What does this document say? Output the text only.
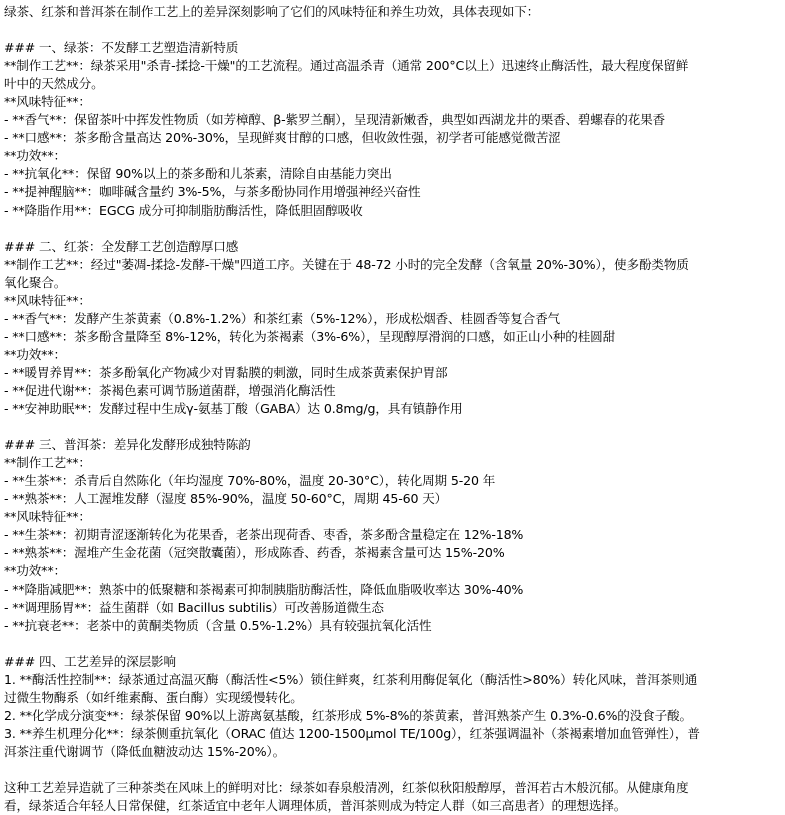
绿茶、红茶和普洱茶在制作工艺上的差异深刻影响了它们的风味特征和养生功效，具体表现如下：
### 一、绿茶：不发酵工艺塑造清新特质
**制作工艺**：绿茶采用"杀青-揉捻-干燥"的工艺流程。通过高温杀青（通常 200°C以上）迅速终止酶活性，最大程度保留鲜
叶中的天然成分。
**风味特征**：
- **香气**：保留茶叶中挥发性物质（如芳樟醇、β-紫罗兰酮），呈现清新嫩香，典型如西湖龙井的栗香、碧螺春的花果香
- **口感**：茶多酚含量高达 20%-30%，呈现鲜爽甘醇的口感，但收敛性强，初学者可能感觉微苦涩
**功效**：
- **抗氧化**：保留 90%以上的茶多酚和儿茶素，清除自由基能力突出
- **提神醒脑**：咖啡碱含量约 3%-5%，与茶多酚协同作用增强神经兴奋性
- **降脂作用**：EGCG 成分可抑制脂肪酶活性，降低胆固醇吸收
### 二、红茶：全发酵工艺创造醇厚口感
**制作工艺**：经过"萎凋-揉捻-发酵-干燥"四道工序。关键在于 48-72 小时的完全发酵（含氧量 20%-30%），使多酚类物质
氧化聚合。
**风味特征**：
- **香气**：发酵产生茶黄素（0.8%-1.2%）和茶红素（5%-12%），形成松烟香、桂圆香等复合香气
- **口感**：茶多酚含量降至 8%-12%，转化为茶褐素（3%-6%），呈现醇厚滑润的口感，如正山小种的桂圆甜
**功效**：
- **暖胃养胃**：茶多酚氧化产物减少对胃黏膜的刺激，同时生成茶黄素保护胃部
- **促进代谢**：茶褐色素可调节肠道菌群，增强消化酶活性
- **安神助眠**：发酵过程中生成γ-氨基丁酸（GABA）达 0.8mg/g，具有镇静作用
### 三、普洱茶：差异化发酵形成独特陈韵
**制作工艺**：
- **生茶**：杀青后自然陈化（年均湿度 70%-80%，温度 20-30°C），转化周期 5-20 年
- **熟茶**：人工渥堆发酵（湿度 85%-90%，温度 50-60°C，周期 45-60 天）
**风味特征**：
- **生茶**：初期青涩逐渐转化为花果香，老茶出现荷香、枣香，茶多酚含量稳定在 12%-18%
- **熟茶**：渥堆产生金花菌（冠突散囊菌），形成陈香、药香，茶褐素含量可达 15%-20%
**功效**：
- **降脂减肥**：熟茶中的低聚糖和茶褐素可抑制胰脂肪酶活性，降低血脂吸收率达 30%-40%
- **调理肠胃**：益生菌群（如 Bacillus subtilis）可改善肠道微生态
- **抗衰老**：老茶中的黄酮类物质（含量 0.5%-1.2%）具有较强抗氧化活性
### 四、工艺差异的深层影响
1. **酶活性控制**：绿茶通过高温灭酶（酶活性<5%）锁住鲜爽，红茶利用酶促氧化（酶活性>80%）转化风味，普洱茶则通
过微生物酶系（如纤维素酶、蛋白酶）实现缓慢转化。
2. **化学成分演变**：绿茶保留 90%以上游离氨基酸，红茶形成 5%-8%的茶黄素，普洱熟茶产生 0.3%-0.6%的没食子酸。
3. **养生机理分化**：绿茶侧重抗氧化（ORAC 值达 1200-1500μmol TE/100g），红茶强调温补（茶褐素增加血管弹性），普
洱茶注重代谢调节（降低血糖波动达 15%-20%）。
这种工艺差异造就了三种茶类在风味上的鲜明对比：绿茶如春泉般清冽，红茶似秋阳般醇厚，普洱若古木般沉郁。从健康角度
看，绿茶适合年轻人日常保健，红茶适宜中老年人调理体质，普洱茶则成为特定人群（如三高患者）的理想选择。
